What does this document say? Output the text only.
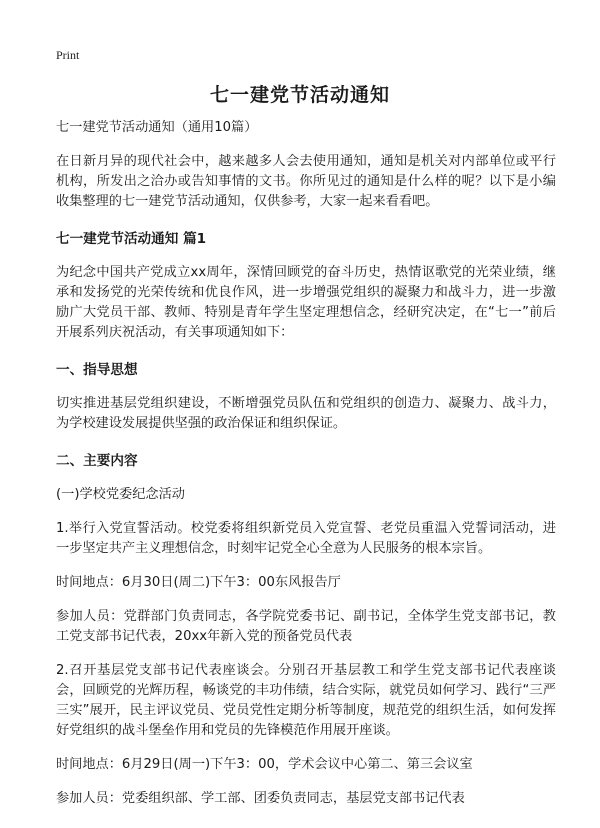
Print
七一建党节活动通知

七一建党节活动通知（通用10篇）

在日新月异的现代社会中，越来越多人会去使用通知，通知是机关对内部单位或平行机构，所发出之洽办或告知事情的文书。你所见过的通知是什么样的呢？以下是小编收集整理的七一建党节活动通知，仅供参考，大家一起来看看吧。

七一建党节活动通知 篇1

为纪念中国共产党成立xx周年，深情回顾党的奋斗历史，热情讴歌党的光荣业绩，继承和发扬党的光荣传统和优良作风，进一步增强党组织的凝聚力和战斗力，进一步激励广大党员干部、教师、特别是青年学生坚定理想信念，经研究决定，在“七一”前后开展系列庆祝活动，有关事项通知如下：

一、指导思想

切实推进基层党组织建设，不断增强党员队伍和党组织的创造力、凝聚力、战斗力，为学校建设发展提供坚强的政治保证和组织保证。

二、主要内容

(一)学校党委纪念活动

1.举行入党宣誓活动。校党委将组织新党员入党宣誓、老党员重温入党誓词活动，进一步坚定共产主义理想信念，时刻牢记党全心全意为人民服务的根本宗旨。

时间地点：6月30日(周二)下午3：00东风报告厅

参加人员：党群部门负责同志，各学院党委书记、副书记，全体学生党支部书记，教工党支部书记代表，20xx年新入党的预备党员代表

2.召开基层党支部书记代表座谈会。分别召开基层教工和学生党支部书记代表座谈会，回顾党的光辉历程，畅谈党的丰功伟绩，结合实际，就党员如何学习、践行“三严三实”展开，民主评议党员、党员党性定期分析等制度，规范党的组织生活，如何发挥好党组织的战斗堡垒作用和党员的先锋模范作用展开座谈。

时间地点：6月29日(周一)下午3：00，学术会议中心第二、第三会议室

参加人员：党委组织部、学工部、团委负责同志，基层党支部书记代表
